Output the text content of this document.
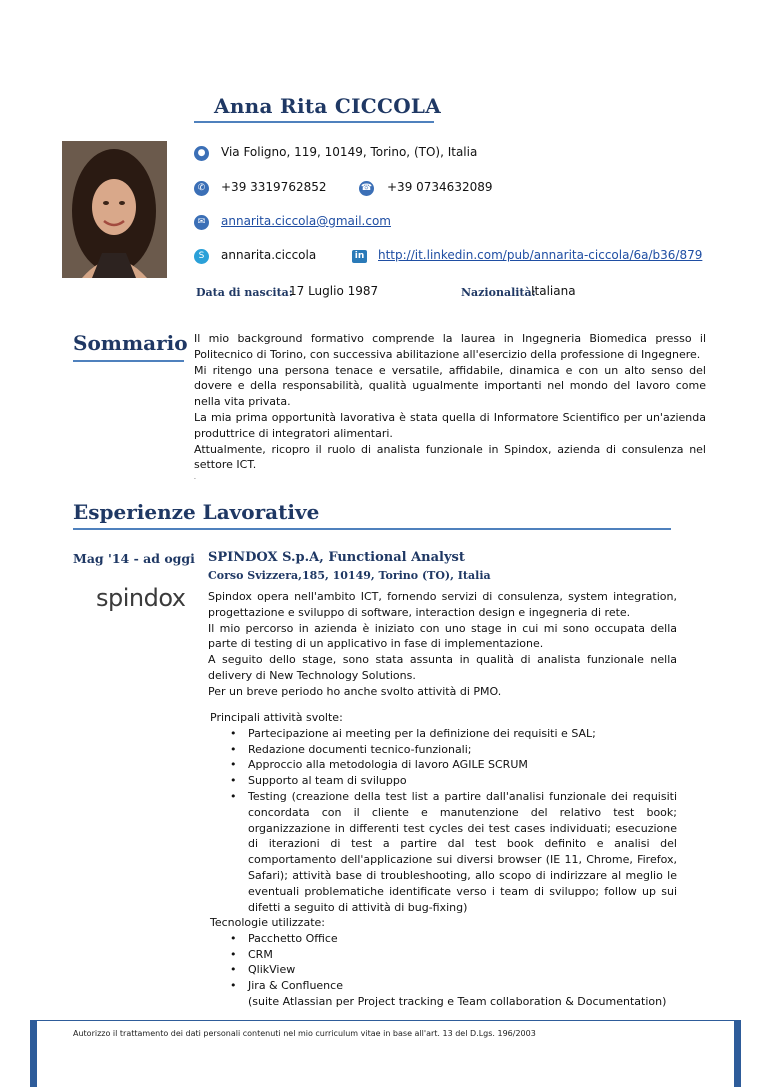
Anna Rita CICCOLA
● Via Foligno, 119, 10149, Torino, (TO), Italia
✆	+39 3319762852	☎ +39 0734632089
✉	annarita.ciccola@gmail.com
S	annarita.ciccola	in http://it.linkedin.com/pub/annarita-ciccola/6a/b36/879
Data di nascita:
17 Luglio 1987	Nazionalità:
Italiana
Sommario Il mio background formativo comprende la laurea in Ingegneria Biomedica presso il Politecnico di Torino, con successiva abilitazione all'esercizio della professione di Ingegnere.

Mi ritengo una persona tenace e versatile, affidabile, dinamica e con un alto senso del dovere e della responsabilità, qualità ugualmente importanti nel mondo del lavoro come nella vita privata.

La mia prima opportunità lavorativa è stata quella di Informatore Scientifico per un'azienda produttrice di integratori alimentari.

Attualmente, ricopro il ruolo di analista funzionale in Spindox, azienda di consulenza nel settore ICT.

.

Esperienze Lavorative
Mag '14 - ad oggi SPINDOX S.p.A, Functional Analyst
Corso Svizzera,185, 10149, Torino (TO), Italia
spindox Spindox opera nell'ambito ICT, fornendo servizi di consulenza, system integration, progettazione e sviluppo di software, interaction design e ingegneria di rete.

Il mio percorso in azienda è iniziato con uno stage in cui mi sono occupata della parte di testing di un applicativo in fase di implementazione.

A seguito dello stage, sono stata assunta in qualità di analista funzionale nella delivery di New Technology Solutions.

Per un breve periodo ho anche svolto attività di PMO.

Principali attività svolte:

• Partecipazione ai meeting per la definizione dei requisiti e SAL;
• Redazione documenti tecnico-funzionali;
• Approccio alla metodologia di lavoro AGILE SCRUM
• Supporto al team di sviluppo
• Testing (creazione della test list a partire dall'analisi funzionale dei requisiti concordata con il cliente e manutenzione del relativo test book; organizzazione in differenti test cycles dei test cases individuati; esecuzione di iterazioni di test a partire dal test book definito e analisi del comportamento dell'applicazione sui diversi browser (IE 11, Chrome, Firefox, Safari); attività base di troubleshooting, allo scopo di indirizzare al meglio le eventuali problematiche identificate verso i team di sviluppo; follow up sui difetti a seguito di attività di bug-fixing)

Tecnologie utilizzate:

• Pacchetto Office
• CRM
• QlikView
• Jira & Confluence

(suite Atlassian per Project tracking e Team collaboration & Documentation)

Autorizzo il trattamento dei dati personali contenuti nel mio curriculum vitae in base all'art. 13 del D.Lgs. 196/2003
